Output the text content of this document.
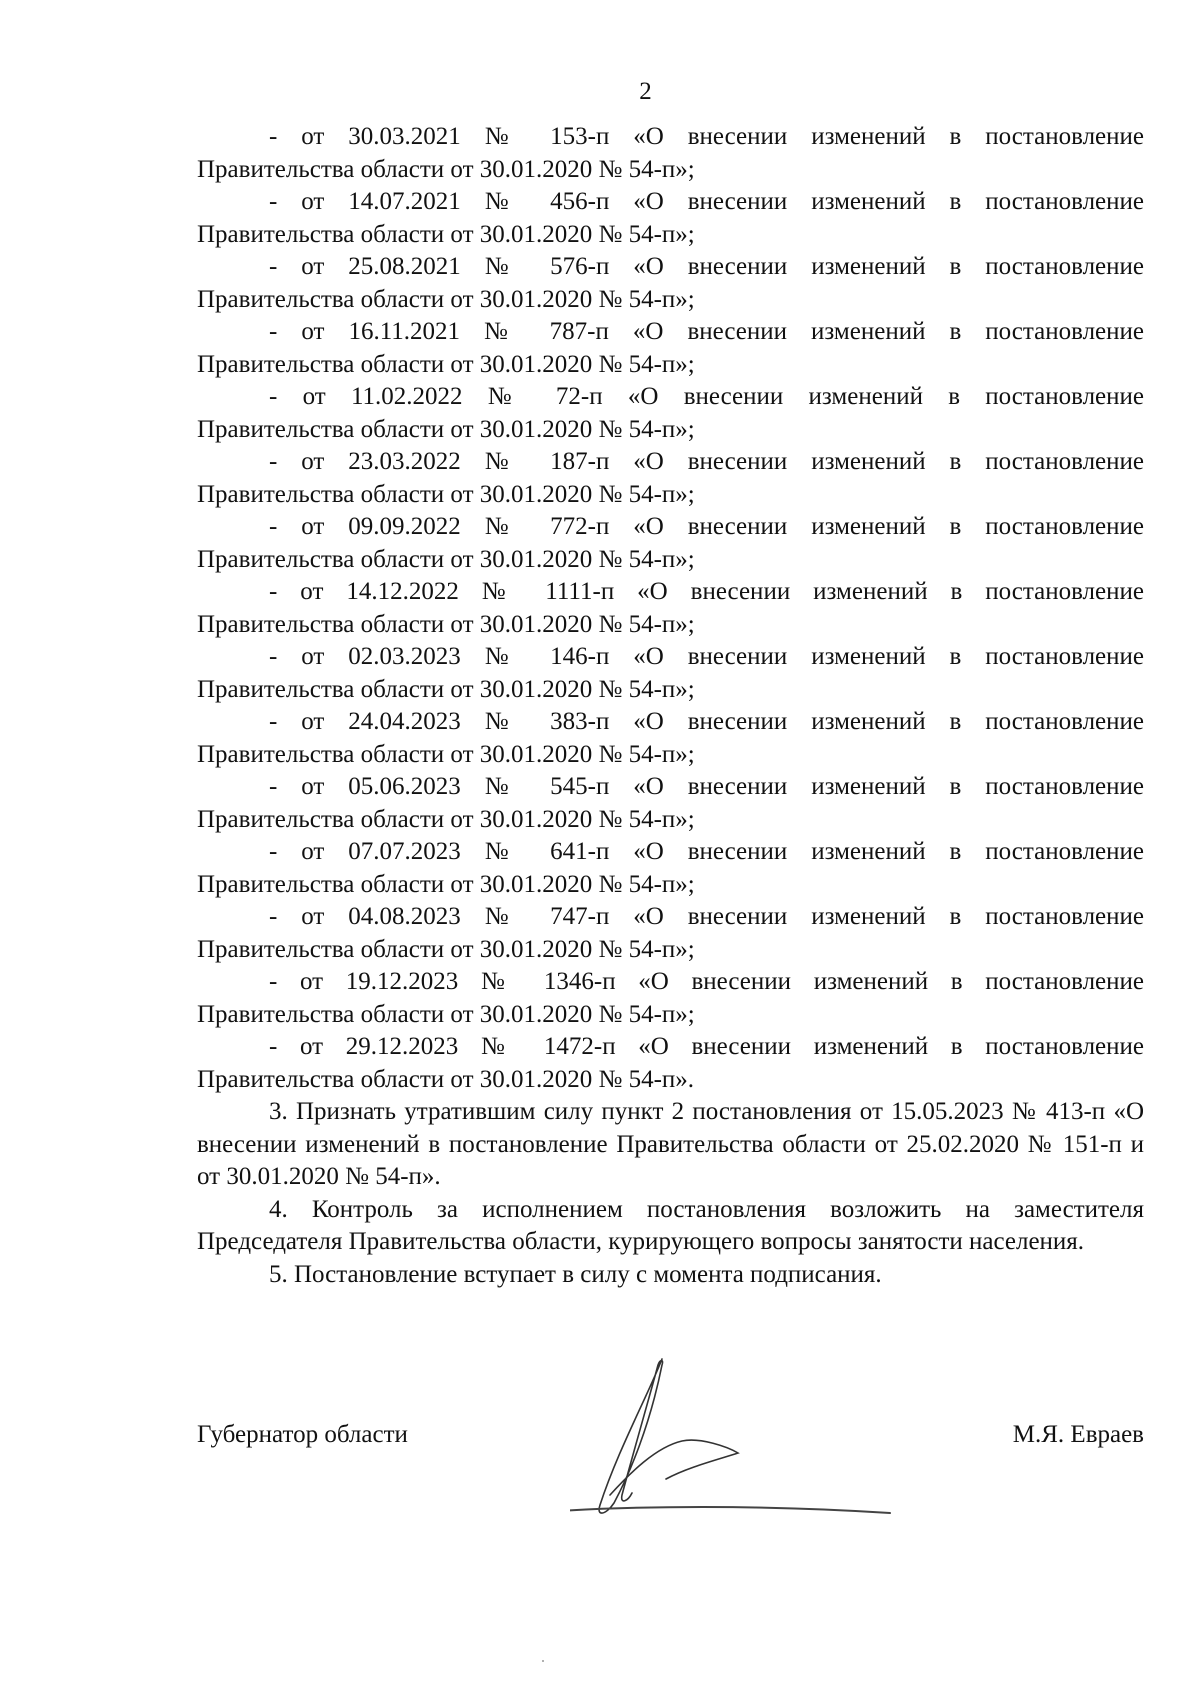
2

- от 30.03.2021 № 153-п «О внесении изменений в постановление
Правительства области от 30.01.2020 № 54-п»;

- от 14.07.2021 № 456-п «О внесении изменений в постановление
Правительства области от 30.01.2020 № 54-п»;

- от 25.08.2021 № 576-п «О внесении изменений в постановление
Правительства области от 30.01.2020 № 54-п»;

- от 16.11.2021 № 787-п «О внесении изменений в постановление
Правительства области от 30.01.2020 № 54-п»;

- от 11.02.2022 № 72-п «О внесении изменений в постановление
Правительства области от 30.01.2020 № 54-п»;

- от 23.03.2022 № 187-п «О внесении изменений в постановление
Правительства области от 30.01.2020 № 54-п»;

- от 09.09.2022 № 772-п «О внесении изменений в постановление
Правительства области от 30.01.2020 № 54-п»;

- от 14.12.2022 № 1111-п «О внесении изменений в постановление
Правительства области от 30.01.2020 № 54-п»;

- от 02.03.2023 № 146-п «О внесении изменений в постановление
Правительства области от 30.01.2020 № 54-п»;

- от 24.04.2023 № 383-п «О внесении изменений в постановление
Правительства области от 30.01.2020 № 54-п»;

- от 05.06.2023 № 545-п «О внесении изменений в постановление
Правительства области от 30.01.2020 № 54-п»;

- от 07.07.2023 № 641-п «О внесении изменений в постановление
Правительства области от 30.01.2020 № 54-п»;

- от 04.08.2023 № 747-п «О внесении изменений в постановление
Правительства области от 30.01.2020 № 54-п»;

- от 19.12.2023 № 1346-п «О внесении изменений в постановление
Правительства области от 30.01.2020 № 54-п»;

- от 29.12.2023 № 1472-п «О внесении изменений в постановление
Правительства области от 30.01.2020 № 54-п».

3. Признать утратившим силу пункт 2 постановления от 15.05.2023 № 413-п «О внесении изменений в постановление Правительства области от 25.02.2020 № 151-п и от 30.01.2020 № 54-п».

4. Контроль за исполнением постановления возложить на заместителя Председателя Правительства области, курирующего вопросы занятости населения.

5. Постановление вступает в силу с момента подписания.

Губернатор области	М.Я. Евраев
